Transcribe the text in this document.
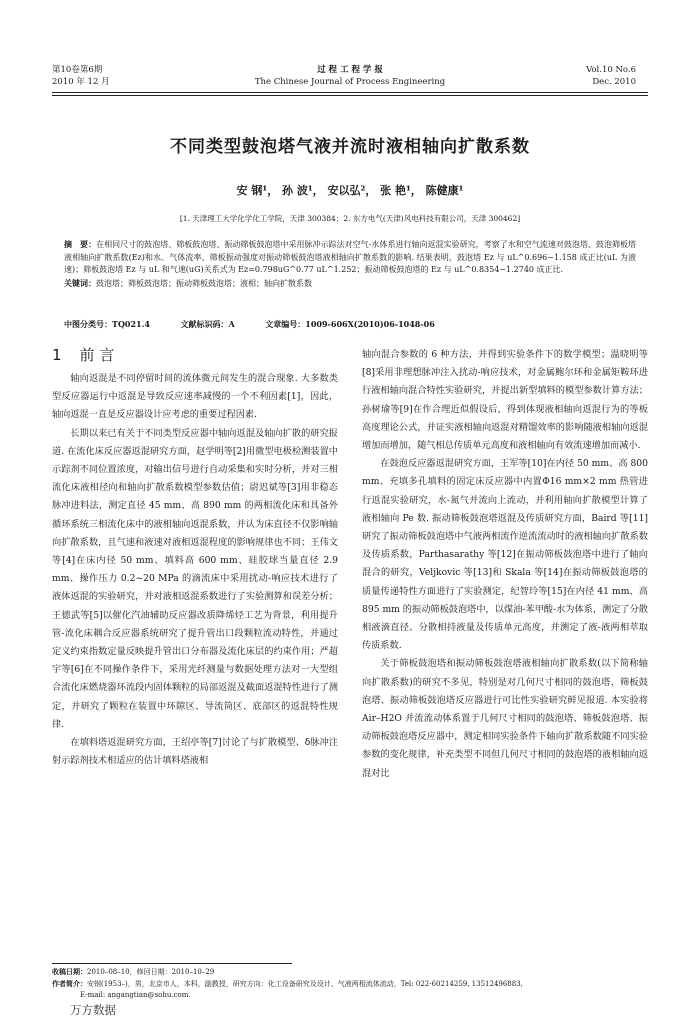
第10卷第6期
2010 年 12 月
过 程 工 程 学 报
The Chinese Journal of Process Engineering
Vol.10 No.6
Dec. 2010
不同类型鼓泡塔气液并流时液相轴向扩散系数
安 钢¹， 孙 波¹， 安以弘²， 张 艳¹， 陈健康¹
[1. 天津理工大学化学化工学院，天津 300384；2. 东方电气(天津)风电科技有限公司，天津 300462]
摘　要：在相同尺寸的鼓泡塔、筛板鼓泡塔、振动筛板鼓泡塔中采用脉冲示踪法对空气-水体系进行轴向返混实验研究，考察了水和空气流速对鼓泡塔、鼓泡筛板塔液相轴向扩散系数(Ez)和水、气体流率、筛板振动强度对振动筛板鼓泡塔液相轴向扩散系数的影响. 结果表明，鼓泡塔 Ez 与 uL^0.696~1.158 成正比(uL 为液速)；筛板鼓泡塔 Ez 与 uL 和气速(uG)关系式为 Ez=0.798uG^0.77 uL^1.252；振动筛板鼓泡塔的 Ez 与 uL^0.8354~1.2740 成正比.
关键词：鼓泡塔；筛板鼓泡塔；振动筛板鼓泡塔；液相；轴向扩散系数
中图分类号：TQ021.4	文献标识码：A	文章编号：1009-606X(2010)06-1048-06
1 前 言

轴向返混是不同停留时间的流体微元间发生的混合现象. 大多数类型反应器运行中返混是导致反应速率减慢的一个不利因素[1]，因此，轴向返混一直是反应器设计应考虑的重要过程因素.

长期以来已有关于不同类型反应器中轴向返混及轴向扩散的研究报道. 在流化床反应器返混研究方面，赵学明等[2]用微型电极检测装置中示踪剂不同位置浓度，对输出信号进行自动采集和实时分析，并对三相流化床液相径向和轴向扩散系数模型参数估值；尉迟斌等[3]用非稳态脉冲进料法，测定直径 45 mm、高 890 mm 的两相流化床和具备外循环系统三相流化床中的液相轴向返混系数，并认为床直径不仅影响轴向扩散系数，且气速和液速对液相返混程度的影响规律也不同；王伟文等[4]在床内径 50 mm、填料高 600 mm、硅胶球当量直径 2.9 mm、操作压力 0.2~20 MPa 的滴流床中采用扰动-响应技术进行了液体返混的实验研究，并对液相返混系数进行了实验测算和误差分析；王德武等[5]以催化汽油辅助反应器改质降烯烃工艺为背景，利用提升管-流化床耦合反应器系统研究了提升管出口段颗粒流动特性，并通过定义约束指数定量反映提升管出口分布器及流化床层的约束作用；严超宇等[6]在不同操作条件下，采用光纤测量与数据处理方法对一大型组合流化床燃烧器环流段内固体颗粒的局部返混及截面返混特性进行了测定，并研究了颗粒在装置中环隙区、导流筒区、底部区的返混特性规律.

在填料塔返混研究方面，王绍亭等[7]讨论了与扩散模型、δ脉冲注射示踪剂技术相适应的估计填料塔液相

轴向混合参数的 6 种方法，并得到实验条件下的数学模型；温晓明等[8]采用非理想脉冲注入扰动-响应技术，对金属鲍尔环和金属矩鞍环进行液相轴向混合特性实验研究，并提出新型填料的模型参数计算方法；孙树瑜等[9]在作合理近似假设后，得到体现液相轴向返混行为的等板高度理论公式，并证实液相轴向返混对精馏效率的影响随液相轴向返混增加而增加，随气相总传质单元高度和液相轴向有效流速增加而减小.

在鼓泡反应器返混研究方面，王军等[10]在内径 50 mm、高 800 mm、充填多孔填料的固定床反应器中内置Φ16 mm×2 mm 热管进行返混实验研究，水-氮气并流向上流动，并利用轴向扩散模型计算了液相轴向 Pe 数. 振动筛板鼓泡塔返混及传质研究方面，Baird 等[11]研究了振动筛板鼓泡塔中气液两相流作逆流流动时的液相轴向扩散系数及传质系数，Parthasarathy 等[12]在振动筛板鼓泡塔中进行了轴向混合的研究，Veljkovic 等[13]和 Skala 等[14]在振动筛板鼓泡塔的质量传递特性方面进行了实验测定，纪智玲等[15]在内径 41 mm、高 895 mm 的振动筛板鼓泡塔中，以煤油-苯甲酸-水为体系，测定了分散相液滴直径、分散相持液量及传质单元高度，并测定了液-液两相萃取传质系数.

关于筛板鼓泡塔和振动筛板鼓泡塔液相轴向扩散系数(以下简称轴向扩散系数)的研究不多见，特别是对几何尺寸相同的鼓泡塔、筛板鼓泡塔、振动筛板鼓泡塔反应器进行可比性实验研究鲜见报道. 本实验将 Air–H2O 并流流动体系置于几何尺寸相同的鼓泡塔、筛板鼓泡塔、振动筛板鼓泡塔反应器中，测定相同实验条件下轴向扩散系数随不同实验参数的变化规律，补充类型不同但几何尺寸相同的鼓泡塔的液相轴向返混对比

收稿日期：2010–08–10，修回日期：2010–10–29
作者简介：安钢(1953–)，男，北京市人，本科，副教授，研究方向：化工设备研究及设计、气液两相流体流动，Tel: 022-60214259, 13512496883,
E-mail: angangtian@sohu.com.
万方数据
